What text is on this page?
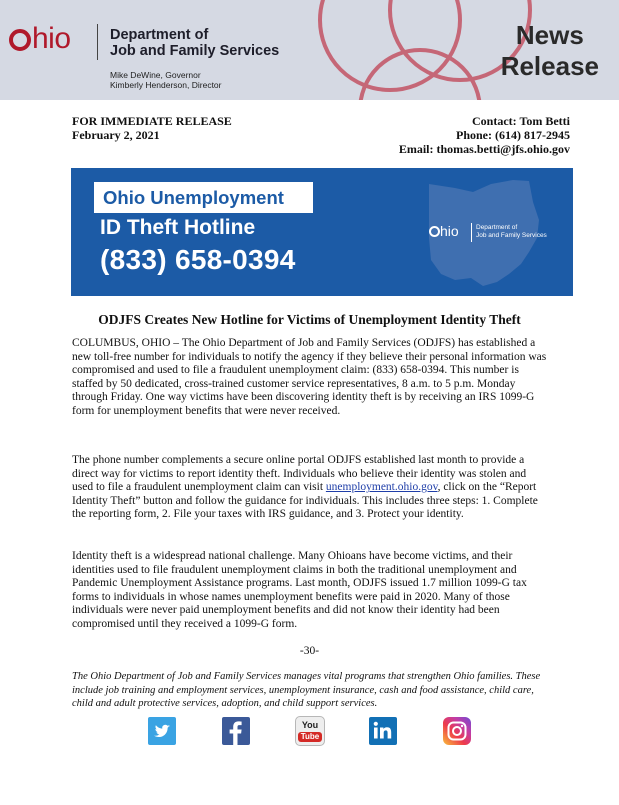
hio	Department of
Job and Family Services
Mike DeWine, Governor
Kimberly Henderson, Director
News
Release
FOR IMMEDIATE RELEASE
February 2, 2021
Contact: Tom Betti
Phone: (614) 817-2945
Email: thomas.betti@jfs.ohio.gov
hio	Department of
Job and Family Services
Ohio Unemployment
ID Theft Hotline
(833) 658-0394
ODJFS Creates New Hotline for Victims of Unemployment Identity Theft

COLUMBUS, OHIO – The Ohio Department of Job and Family Services (ODJFS) has established a new toll-free number for individuals to notify the agency if they believe their personal information was compromised and used to file a fraudulent unemployment claim: (833) 658-0394. This number is staffed by 50 dedicated, cross-trained customer service representatives, 8 a.m. to 5 p.m. Monday through Friday. One way victims have been discovering identity theft is by receiving an IRS 1099-G form for unemployment benefits that were never received.

The phone number complements a secure online portal ODJFS established last month to provide a direct way for victims to report identity theft. Individuals who believe their identity was stolen and used to file a fraudulent unemployment claim can visit unemployment.ohio.gov, click on the “Report Identity Theft” button and follow the guidance for individuals. This includes three steps: 1. Complete the reporting form, 2. File your taxes with IRS guidance, and 3. Protect your identity.

Identity theft is a widespread national challenge. Many Ohioans have become victims, and their identities used to file fraudulent unemployment claims in both the traditional unemployment and Pandemic Unemployment Assistance programs. Last month, ODJFS issued 1.7 million 1099-G tax forms to individuals in whose names unemployment benefits were paid in 2020. Many of those individuals were never paid unemployment benefits and did not know their identity had been compromised until they received a 1099-G form.

-30-
The Ohio Department of Job and Family Services manages vital programs that strengthen Ohio families. These include job training and employment services, unemployment insurance, cash and food assistance, child care, child and adult protective services, adoption, and child support services.
You
Tube
